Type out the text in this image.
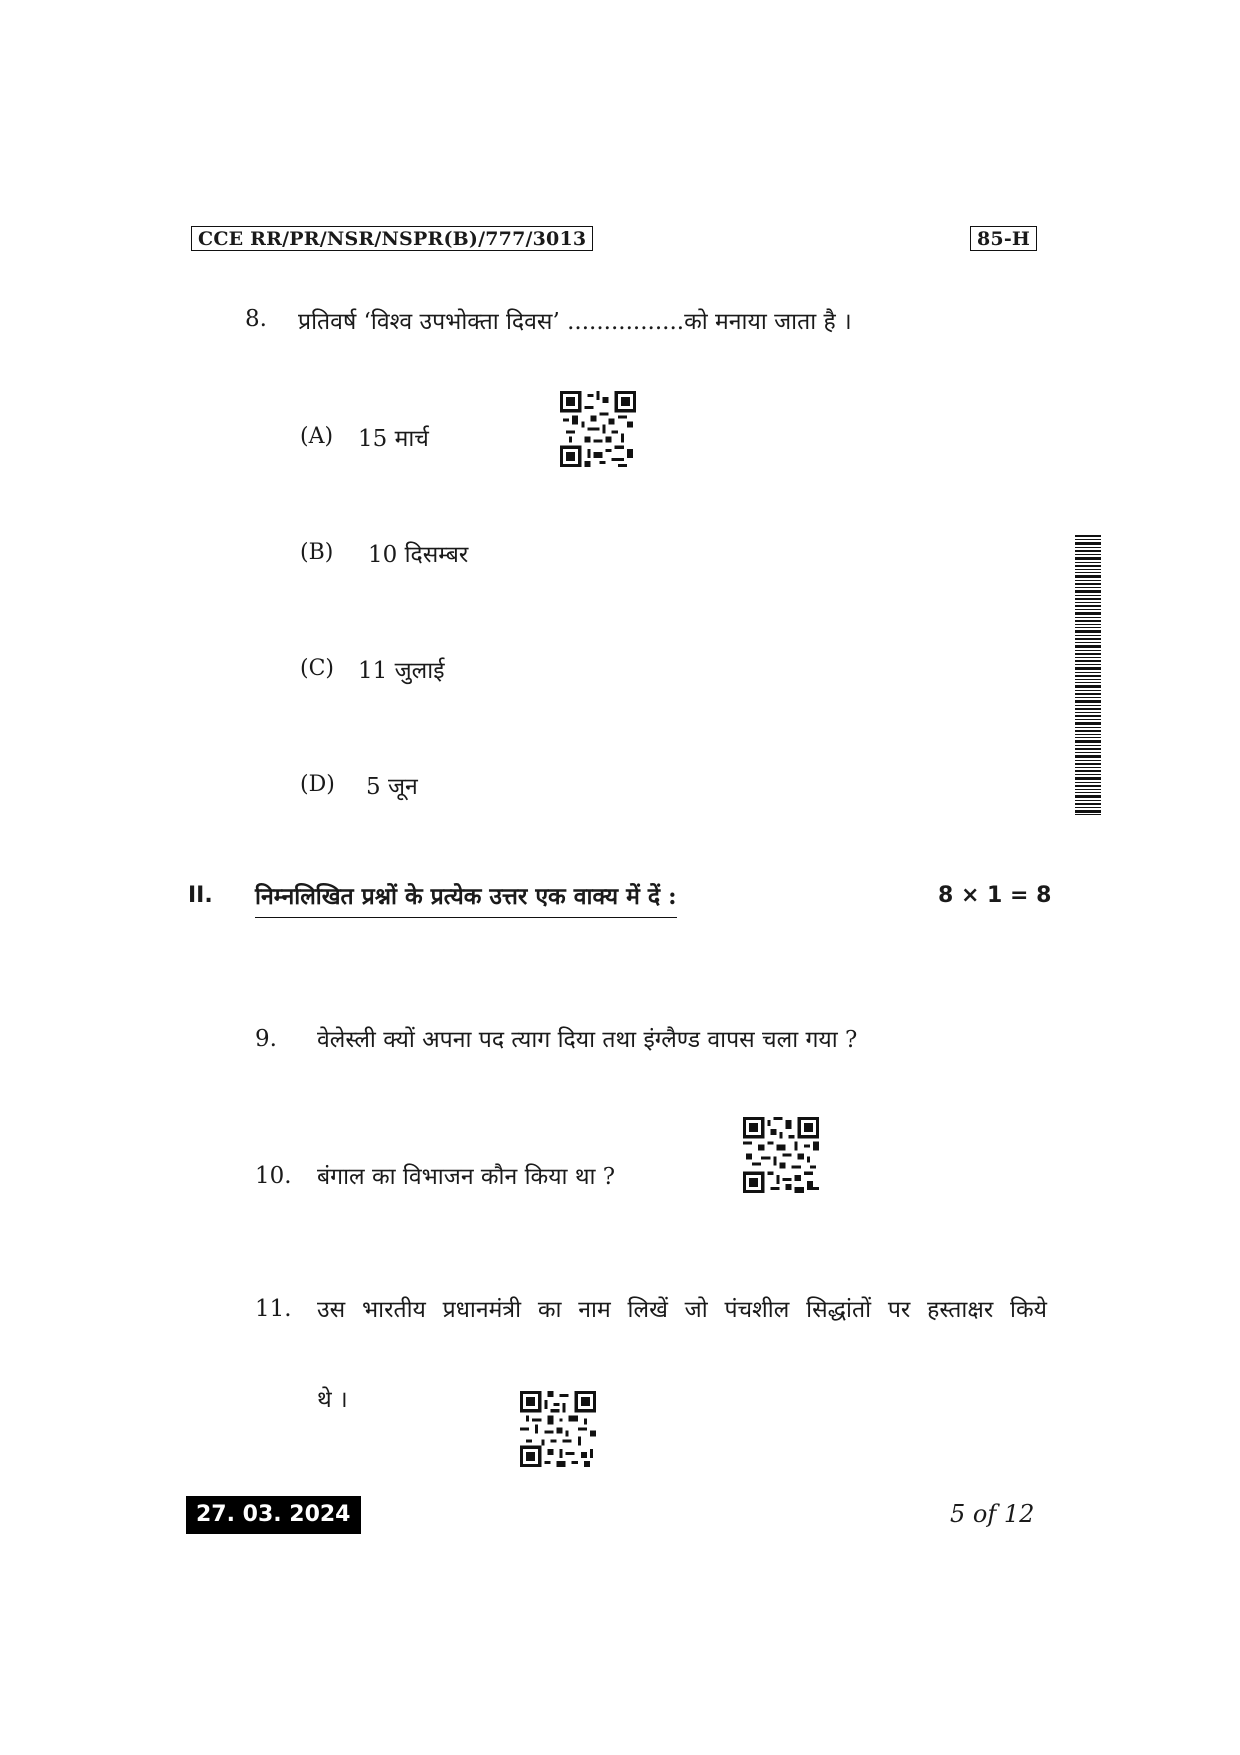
CCE RR/PR/NSR/NSPR(B)/777/3013	85-H
8. प्रतिवर्ष ‘विश्व उपभोक्ता दिवस’ ................को मनाया जाता है ।
(A) 15 मार्च
(B) 10 दिसम्बर
(C) 11 जुलाई
(D) 5 जून
II. निम्नलिखित प्रश्नों के प्रत्येक उत्तर एक वाक्य में दें :	8 × 1 = 8
9. वेलेस्ली क्यों अपना पद त्याग दिया तथा इंग्लैण्ड वापस चला गया ?
10. बंगाल का विभाजन कौन किया था ?
11. उस भारतीय प्रधानमंत्री का नाम लिखें जो पंचशील सिद्धांतों पर हस्ताक्षर किये
थे ।
27. 03. 2024	5 of 12
